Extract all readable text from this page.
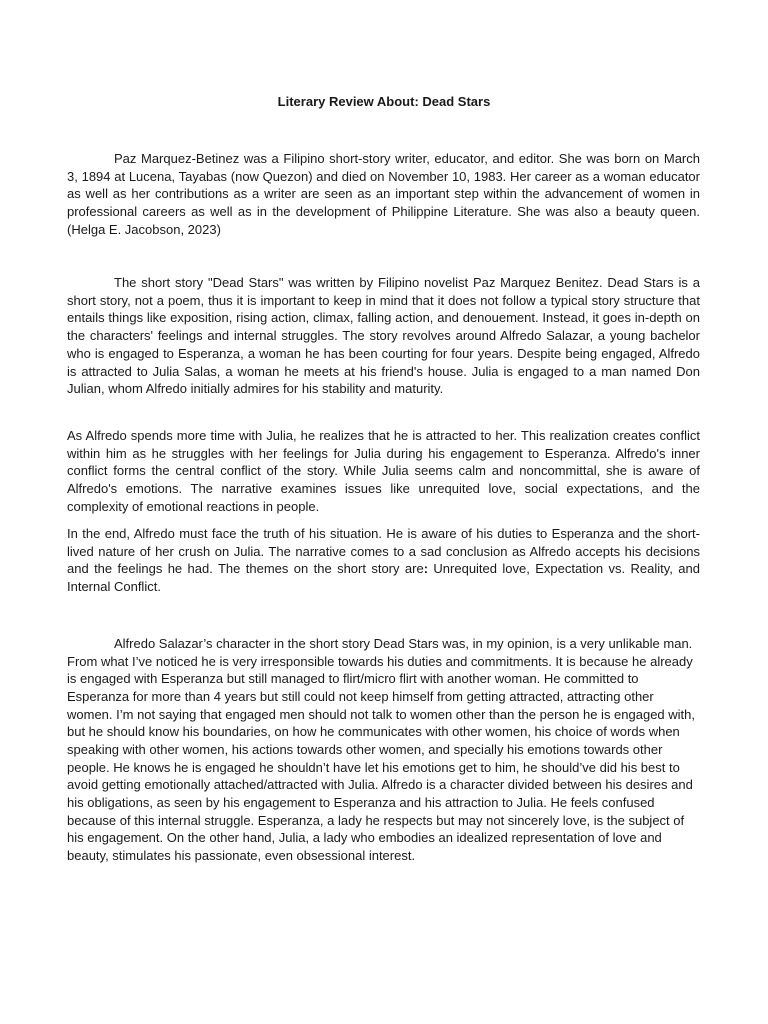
Literary Review About: Dead Stars

Paz Marquez-Betinez was a Filipino short-story writer, educator, and editor. She was born on March 3, 1894 at Lucena, Tayabas (now Quezon) and died on November 10, 1983. Her career as a woman educator as well as her contributions as a writer are seen as an important step within the advancement of women in professional careers as well as in the development of Philippine Literature. She was also a beauty queen. (Helga E. Jacobson, 2023)

The short story "Dead Stars" was written by Filipino novelist Paz Marquez Benitez. Dead Stars is a short story, not a poem, thus it is important to keep in mind that it does not follow a typical story structure that entails things like exposition, rising action, climax, falling action, and denouement. Instead, it goes in-depth on the characters' feelings and internal struggles. The story revolves around Alfredo Salazar, a young bachelor who is engaged to Esperanza, a woman he has been courting for four years. Despite being engaged, Alfredo is attracted to Julia Salas, a woman he meets at his friend's house. Julia is engaged to a man named Don Julian, whom Alfredo initially admires for his stability and maturity.

As Alfredo spends more time with Julia, he realizes that he is attracted to her. This realization creates conflict within him as he struggles with her feelings for Julia during his engagement to Esperanza. Alfredo's inner conflict forms the central conflict of the story. While Julia seems calm and noncommittal, she is aware of Alfredo's emotions. The narrative examines issues like unrequited love, social expectations, and the complexity of emotional reactions in people.

In the end, Alfredo must face the truth of his situation. He is aware of his duties to Esperanza and the short-lived nature of her crush on Julia. The narrative comes to a sad conclusion as Alfredo accepts his decisions and the feelings he had. The themes on the short story are: Unrequited love, Expectation vs. Reality, and Internal Conflict.

Alfredo Salazar’s character in the short story Dead Stars was, in my opinion, is a very unlikable man. From what I’ve noticed he is very irresponsible towards his duties and commitments. It is because he already is engaged with Esperanza but still managed to flirt/micro flirt with another woman. He committed to Esperanza for more than 4 years but still could not keep himself from getting attracted, attracting other women. I’m not saying that engaged men should not talk to women other than the person he is engaged with, but he should know his boundaries, on how he communicates with other women, his choice of words when speaking with other women, his actions towards other women, and specially his emotions towards other people. He knows he is engaged he shouldn’t have let his emotions get to him, he should’ve did his best to avoid getting emotionally attached/attracted with Julia. Alfredo is a character divided between his desires and his obligations, as seen by his engagement to Esperanza and his attraction to Julia. He feels confused because of this internal struggle. Esperanza, a lady he respects but may not sincerely love, is the subject of his engagement. On the other hand, Julia, a lady who embodies an idealized representation of love and beauty, stimulates his passionate, even obsessional interest.
